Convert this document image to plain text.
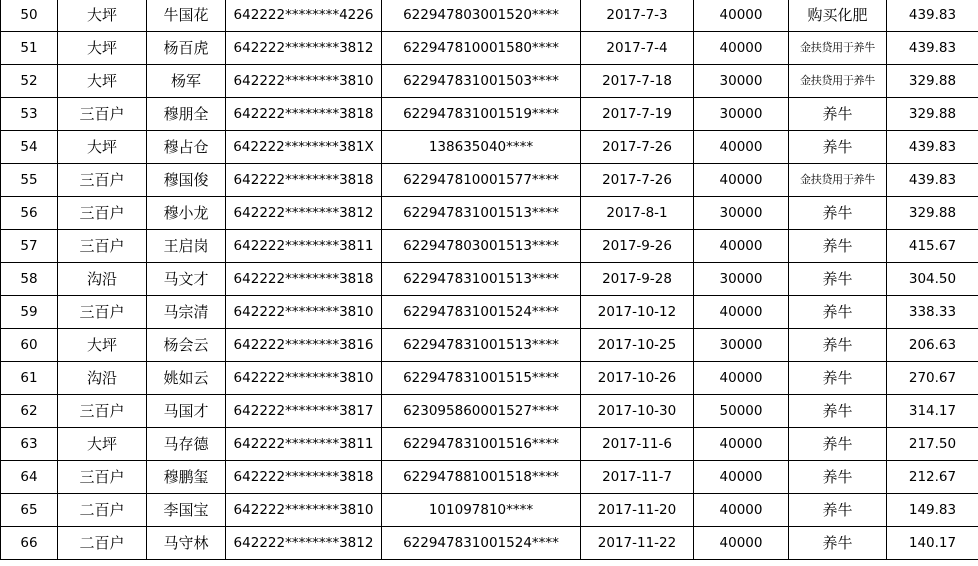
50	大坪	牛国花	642222********4226	622947803001520****	2017-7-3	40000	购买化肥	439.83
51	大坪	杨百虎	642222********3812	622947810001580****	2017-7-4	40000	金扶贷用于养牛	439.83
52	大坪	杨军	642222********3810	622947831001503****	2017-7-18	30000	金扶贷用于养牛	329.88
53	三百户	穆朋全	642222********3818	622947831001519****	2017-7-19	30000	养牛	329.88
54	大坪	穆占仓	642222********381X	138635040****	2017-7-26	40000	养牛	439.83
55	三百户	穆国俊	642222********3818	622947810001577****	2017-7-26	40000	金扶贷用于养牛	439.83
56	三百户	穆小龙	642222********3812	622947831001513****	2017-8-1	30000	养牛	329.88
57	三百户	王启岗	642222********3811	622947803001513****	2017-9-26	40000	养牛	415.67
58	沟沿	马文才	642222********3818	622947831001513****	2017-9-28	30000	养牛	304.50
59	三百户	马宗清	642222********3810	622947831001524****	2017-10-12	40000	养牛	338.33
60	大坪	杨会云	642222********3816	622947831001513****	2017-10-25	30000	养牛	206.63
61	沟沿	姚如云	642222********3810	622947831001515****	2017-10-26	40000	养牛	270.67
62	三百户	马国才	642222********3817	623095860001527****	2017-10-30	50000	养牛	314.17
63	大坪	马存德	642222********3811	622947831001516****	2017-11-6	40000	养牛	217.50
64	三百户	穆鹏玺	642222********3818	622947881001518****	2017-11-7	40000	养牛	212.67
65	二百户	李国宝	642222********3810	101097810****	2017-11-20	40000	养牛	149.83
66	二百户	马守林	642222********3812	622947831001524****	2017-11-22	40000	养牛	140.17
